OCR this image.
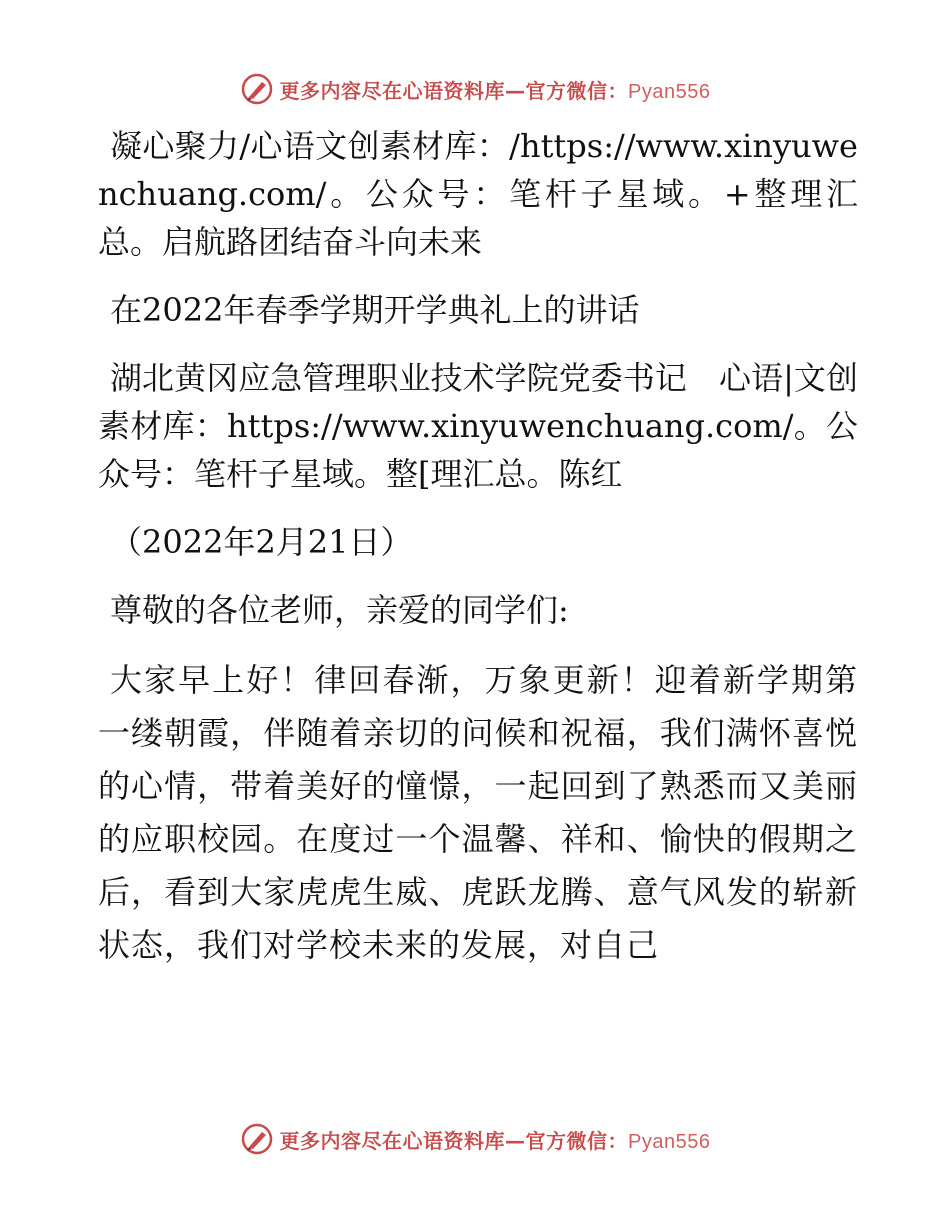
更多内容尽在心语资料库—官方微信：Pyan556

凝心聚力/心语文创素材库：/https://www.xinyuwenchuang.com/。公众号：笔杆子星域。+整理汇总。启航路团结奋斗向未来

在2022年春季学期开学典礼上的讲话

湖北黄冈应急管理职业技术学院党委书记　心语|文创素材库：https://www.xinyuwenchuang.com/。公众号：笔杆子星域。整[理汇总。陈红

（2022年2月21日）

尊敬的各位老师，亲爱的同学们:

大家早上好！律回春渐，万象更新！迎着新学期第一缕朝霞，伴随着亲切的问候和祝福，我们满怀喜悦的心情，带着美好的憧憬，一起回到了熟悉而又美丽的应职校园。在度过一个温馨、祥和、愉快的假期之后，看到大家虎虎生威、虎跃龙腾、意气风发的崭新状态，我们对学校未来的发展，对自己

更多内容尽在心语资料库—官方微信：Pyan556
